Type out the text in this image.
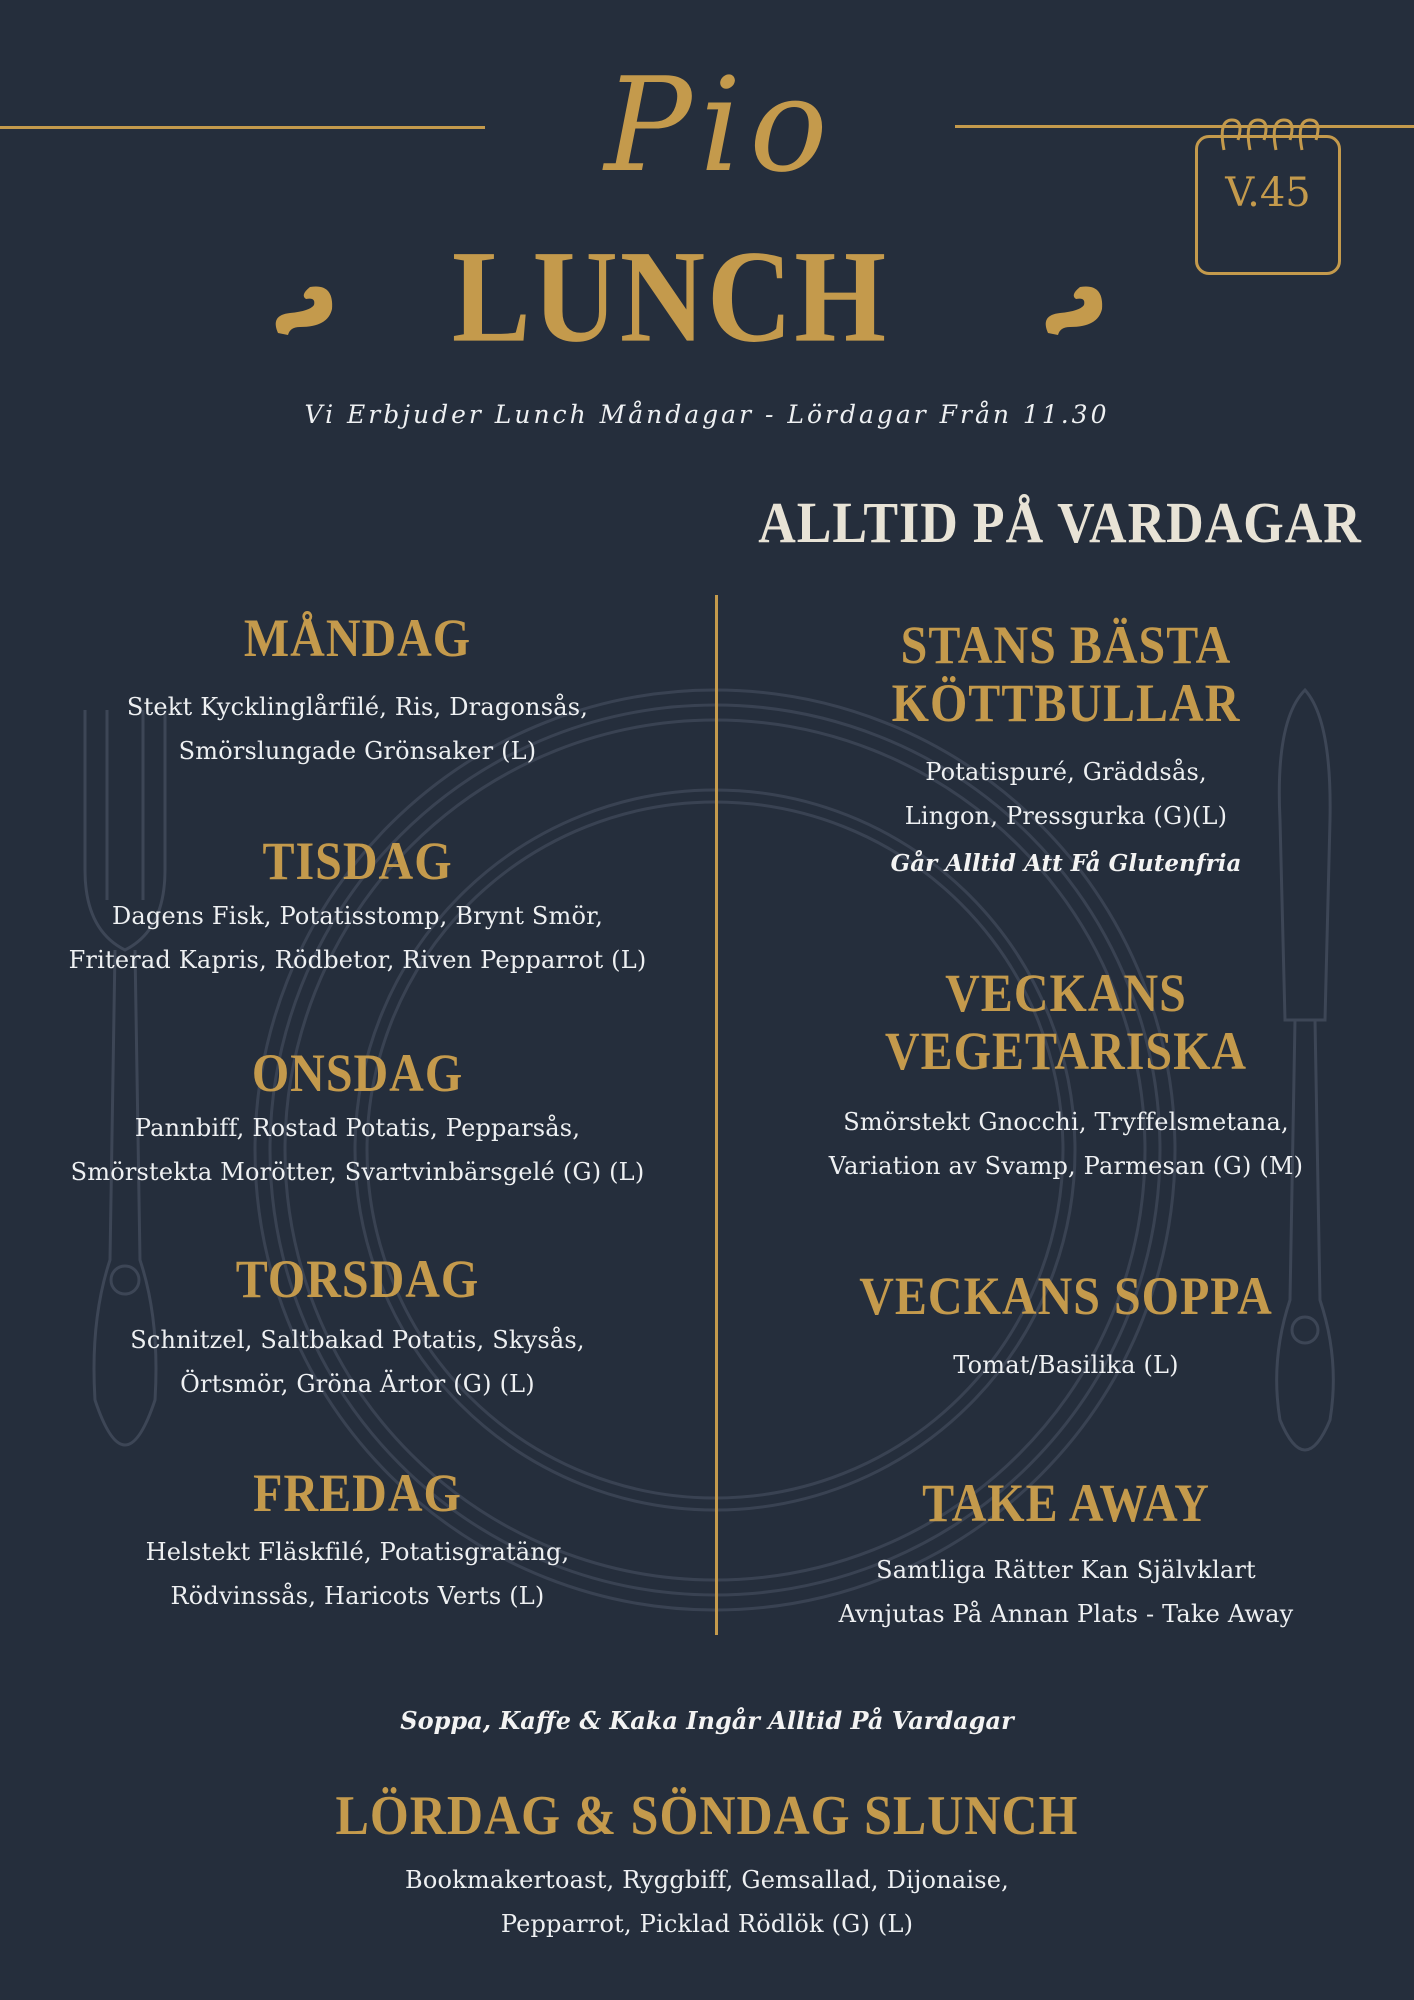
Pio	V.45
LUNCH
Vi Erbjuder Lunch Måndagar - Lördagar Från 11.30
ALLTID PÅ VARDAGAR
MÅNDAG

Stekt Kycklinglårfilé, Ris, Dragonsås,

Smörslungade Grönsaker (L)

TISDAG

Dagens Fisk, Potatisstomp, Brynt Smör,

Friterad Kapris, Rödbetor, Riven Pepparrot (L)

ONSDAG

Pannbiff, Rostad Potatis, Pepparsås,

Smörstekta Morötter, Svartvinbärsgelé (G) (L)

TORSDAG

Schnitzel, Saltbakad Potatis, Skysås,

Örtsmör, Gröna Ärtor (G) (L)

FREDAG

Helstekt Fläskfilé, Potatisgratäng,

Rödvinssås, Haricots Verts (L)

STANS BÄSTA
KÖTTBULLAR

Potatispuré, Gräddsås,

Lingon, Pressgurka (G)(L)

Går Alltid Att Få Glutenfria

VECKANS
VEGETARISKA

Smörstekt Gnocchi, Tryffelsmetana,

Variation av Svamp, Parmesan (G) (M)

VECKANS SOPPA

Tomat/Basilika (L)

TAKE AWAY

Samtliga Rätter Kan Självklart

Avnjutas På Annan Plats - Take Away

Soppa, Kaffe & Kaka Ingår Alltid På Vardagar
LÖRDAG & SÖNDAG SLUNCH

Bookmakertoast, Ryggbiff, Gemsallad, Dijonaise,

Pepparrot, Picklad Rödlök (G) (L)
